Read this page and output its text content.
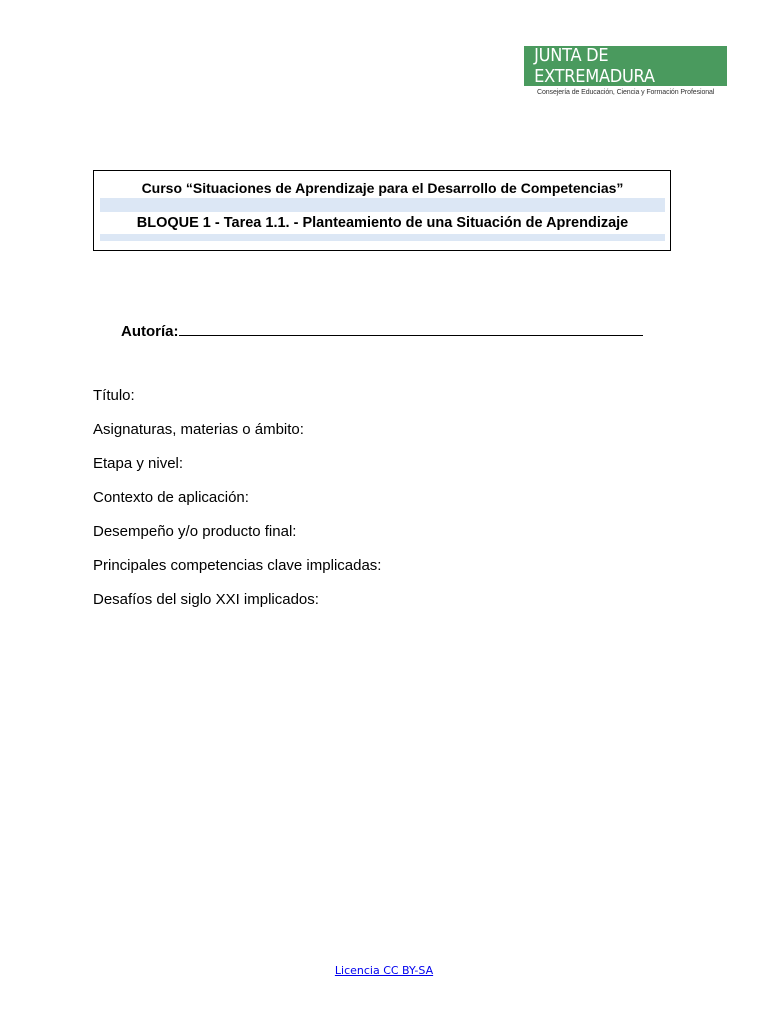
JUNTA DE EXTREMADURA
Consejería de Educación, Ciencia y Formación Profesional
Curso “Situaciones de Aprendizaje para el Desarrollo de Competencias”
BLOQUE 1 - Tarea 1.1. - Planteamiento de una Situación de Aprendizaje
Autoría:
Título:
Asignaturas, materias o ámbito:
Etapa y nivel:
Contexto de aplicación:
Desempeño y/o producto final:
Principales competencias clave implicadas:
Desafíos del siglo XXI implicados:
Licencia CC BY-SA
